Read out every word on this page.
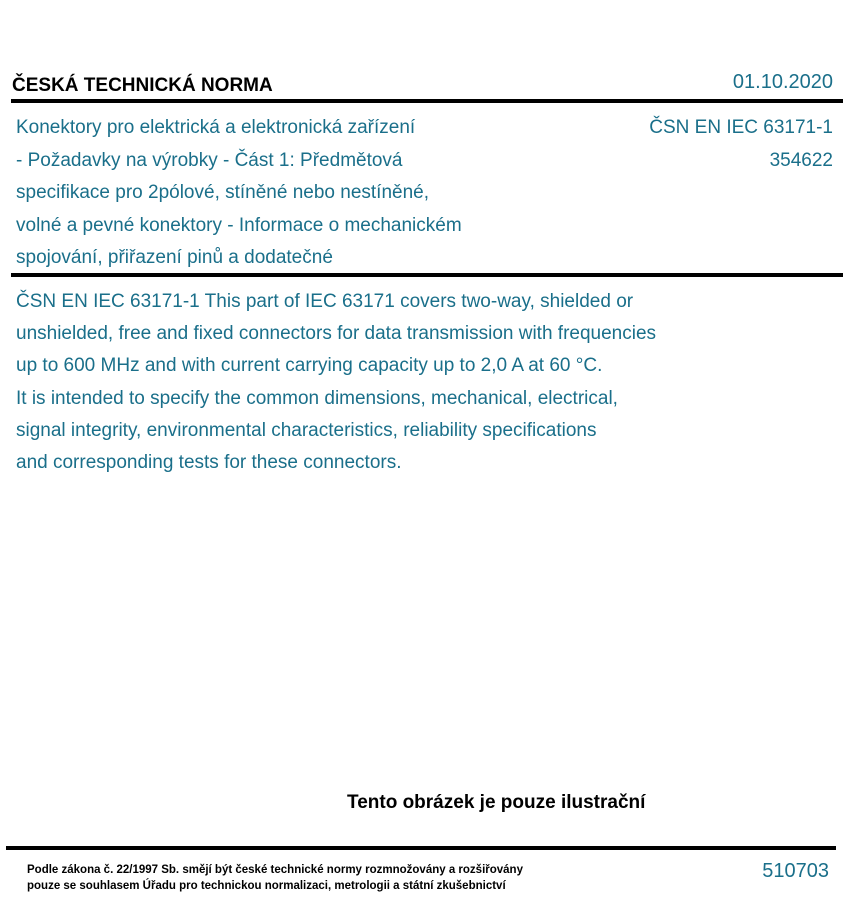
ČESKÁ TECHNICKÁ NORMA	01.10.2020
Konektory pro elektrická a elektronická zařízení
- Požadavky na výrobky - Část 1: Předmětová
specifikace pro 2pólové, stíněné nebo nestíněné,
volné a pevné konektory - Informace o mechanickém
spojování, přiřazení pinů a dodatečné
ČSN EN IEC 63171-1
354622
ČSN EN IEC 63171-1 This part of IEC 63171 covers two-way, shielded or
unshielded, free and fixed connectors for data transmission with frequencies
up to 600 MHz and with current carrying capacity up to 2,0 A at 60 °C.
It is intended to specify the common dimensions, mechanical, electrical,
signal integrity, environmental characteristics, reliability specifications
and corresponding tests for these connectors.
Tento obrázek je pouze ilustrační
Podle zákona č. 22/1997 Sb. smějí být české technické normy rozmnožovány a rozšiřovány
pouze se souhlasem Úřadu pro technickou normalizaci, metrologii a státní zkušebnictví
510703
